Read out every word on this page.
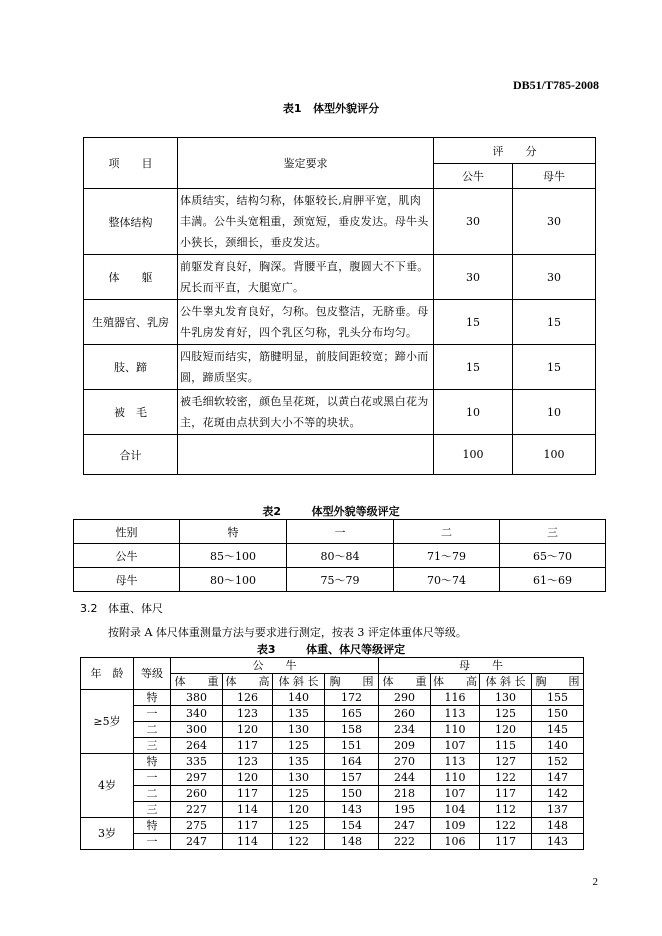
DB51/T785-2008
表1   体型外貌评分
项　　目	鉴定要求	评　　分	
		公牛	母牛
整体结构	体质结实，结构匀称，体躯较长,肩胛平宽，肌肉
丰满。公牛头宽粗重，颈宽短，垂皮发达。母牛头
小狭长，颈细长，垂皮发达。	30	30
体　　躯	前躯发育良好，胸深。背腰平直，腹圆大不下垂。
尻长而平直，大腿宽广。	30	30
生殖器官、乳房	公牛睾丸发育良好，匀称。包皮整洁，无脐垂。母
牛乳房发育好，四个乳区匀称，乳头分布均匀。	15	15
肢、蹄	四肢短而结实，筋腱明显，前肢间距较宽；蹄小而
圆，蹄质坚实。	15	15
被　毛	被毛细软较密，颜色呈花斑，以黄白花或黑白花为
主，花斑由点状到大小不等的块状。	10	10
合计		100	100
表2        体型外貌等级评定
性别	特	一	二	三
公牛	85～100	80～84	71～79	65～70
母牛	80～100	75～79	70～74	61～69
3.2   体重、体尺
按附录 A 体尺体重测量方法与要求进行测定，按表 3 评定体重体尺等级。
表3        体重、体尺等级评定
年　龄	等级	公　　牛				母　　牛			
		体　　重	体　　高	体 斜 长	胸　　围	体　　重	体　　高	体 斜 长	胸　　围
≥5岁	特	380	126	140	172	290	116	130	155
	一	340	123	135	165	260	113	125	150
	二	300	120	130	158	234	110	120	145
	三	264	117	125	151	209	107	115	140
4岁	特	335	123	135	164	270	113	127	152
	一	297	120	130	157	244	110	122	147
	二	260	117	125	150	218	107	117	142
	三	227	114	120	143	195	104	112	137
3岁	特	275	117	125	154	247	109	122	148
	一	247	114	122	148	222	106	117	143
2
